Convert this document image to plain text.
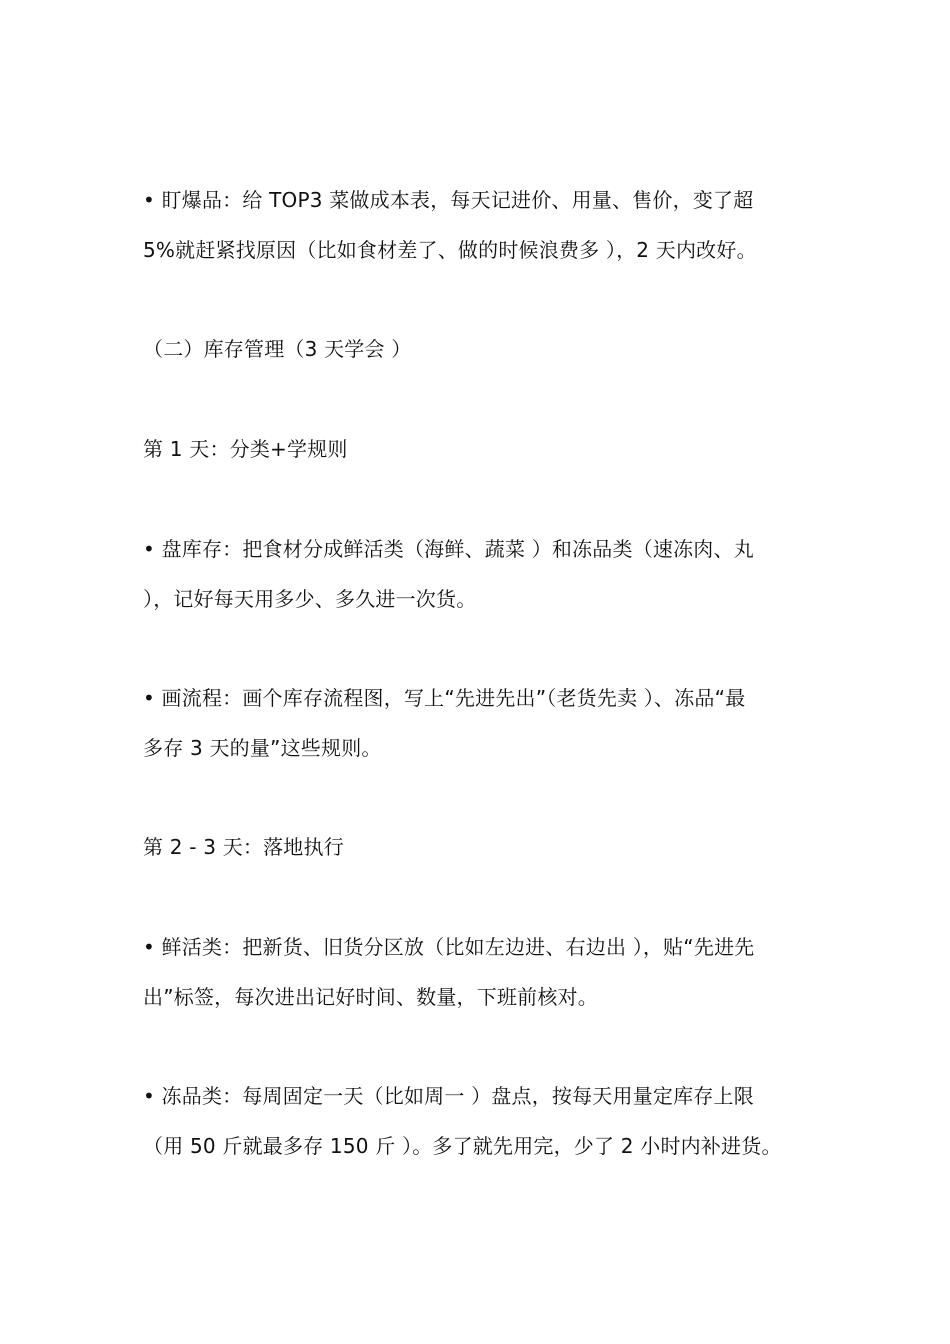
• 盯爆品：给 TOP3 菜做成本表，每天记进价、用量、售价，变了超
5%就赶紧找原因（比如食材差了、做的时候浪费多 ），2 天内改好。
（二）库存管理（3 天学会 ）
第 1 天：分类+学规则
• 盘库存：把食材分成鲜活类（海鲜、蔬菜 ）和冻品类（速冻肉、丸
），记好每天用多少、多久进一次货。
• 画流程：画个库存流程图，写上“先进先出”（老货先卖 ）、冻品“最
多存 3 天的量”这些规则。
第 2 - 3 天：落地执行
• 鲜活类：把新货、旧货分区放（比如左边进、右边出 ），贴“先进先
出”标签，每次进出记好时间、数量，下班前核对。
• 冻品类：每周固定一天（比如周一 ）盘点，按每天用量定库存上限
（用 50 斤就最多存 150 斤 ）。多了就先用完，少了 2 小时内补进货。
